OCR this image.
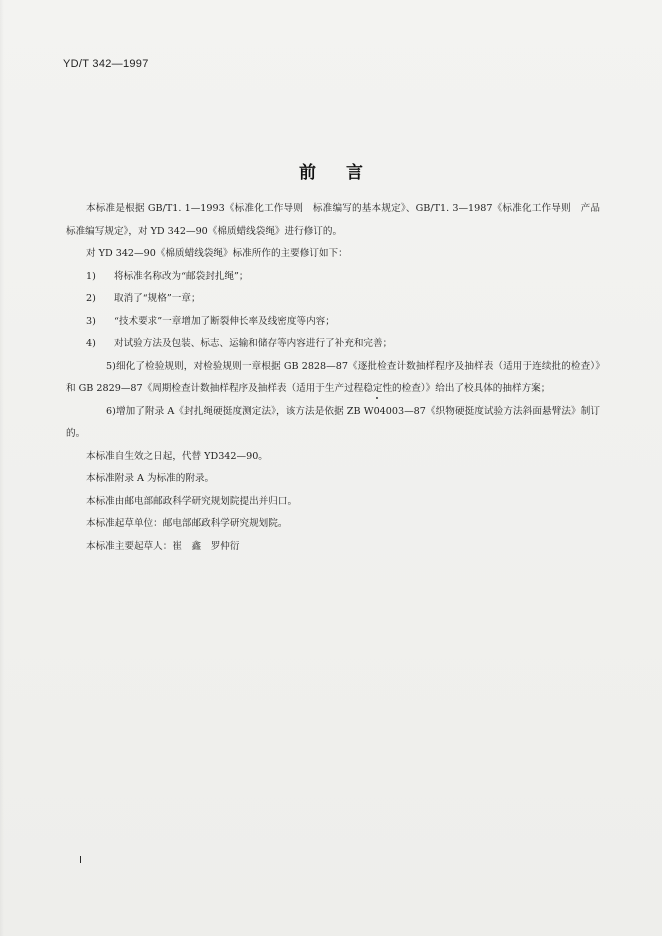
YD/T 342—1997
前言

本标准是根据 GB/T1. 1—1993《标准化工作导则　标准编写的基本规定》、GB/T1. 3—1987《标准化工作导则　产品标准编写规定》，对 YD 342—90《棉质蜡线袋绳》进行修订的。

对 YD 342—90《棉质蜡线袋绳》标准所作的主要修订如下：

1) 将标准名称改为“邮袋封扎绳”；

2) 取消了“规格”一章；

3) “技术要求”一章增加了断裂伸长率及线密度等内容；

4) 对试验方法及包装、标志、运输和储存等内容进行了补充和完善；

5)细化了检验规则，对检验规则一章根据 GB 2828—87《逐批检查计数抽样程序及抽样表（适用于连续批的检查）》和 GB 2829—87《周期检查计数抽样程序及抽样表（适用于生产过程稳定性的检查）》给出了校具体的抽样方案；

6)增加了附录 A《封扎绳硬挺度测定法》，该方法是依据 ZB W04003—87《织物硬挺度试验方法斜面悬臂法》制订的。

本标准自生效之日起，代替 YD342—90。

本标准附录 A 为标准的附录。

本标准由邮电部邮政科学研究规划院提出并归口。

本标准起草单位：邮电部邮政科学研究规划院。

本标准主要起草人：崔　鑫　罗仲衍

I
